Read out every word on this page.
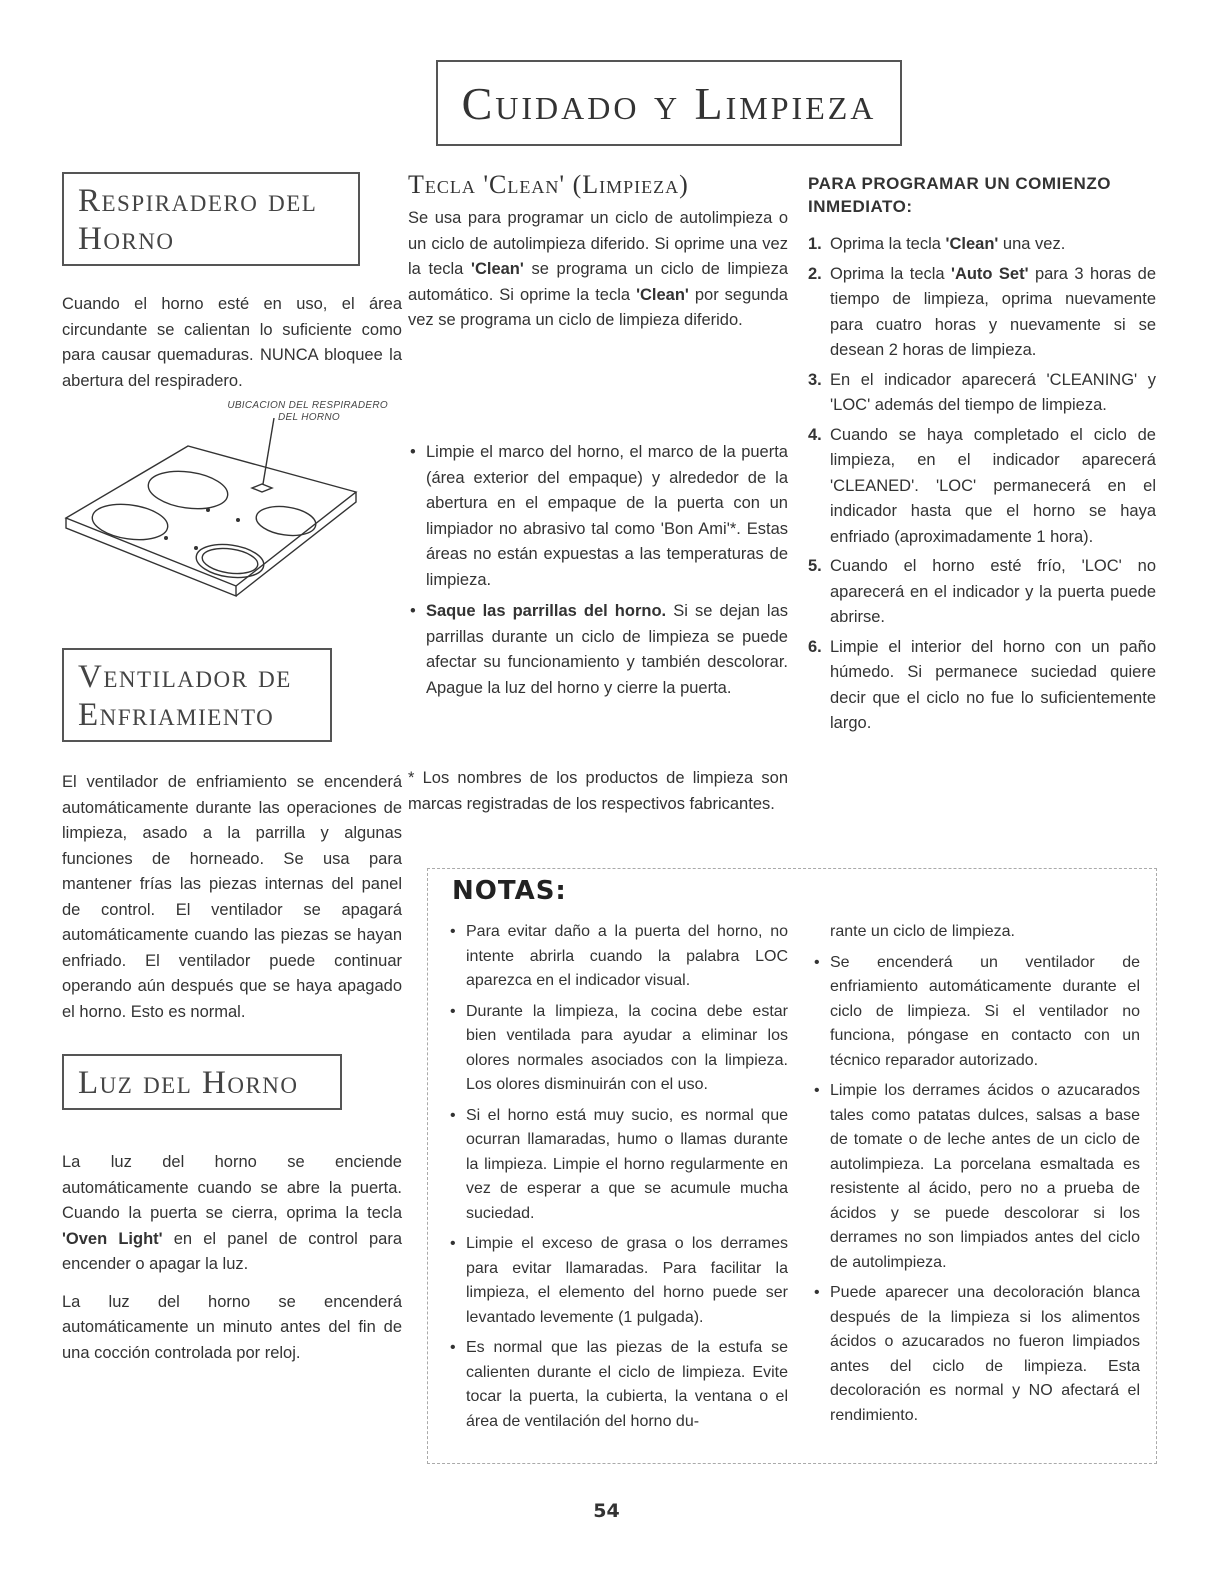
Cuidado y Limpieza
Respiradero del Horno
Cuando el horno esté en uso, el área circundante se calientan lo suficiente como para causar quemaduras. NUNCA bloquee la abertura del respiradero.
UBICACION DEL RESPIRADERO
DEL HORNO
Ventilador de Enfriamiento
El ventilador de enfriamiento se encenderá automáticamente durante las operaciones de limpieza, asado a la parrilla y algunas funciones de horneado. Se usa para mantener frías las piezas internas del panel de control. El ventilador se apagará automáticamente cuando las piezas se hayan enfriado. El ventilador puede continuar operando aún después que se haya apagado el horno. Esto es normal.
Luz del Horno

La luz del horno se enciende automáticamente cuando se abre la puerta. Cuando la puerta se cierra, oprima la tecla 'Oven Light' en el panel de control para encender o apagar la luz.

La luz del horno se encenderá automáticamente un minuto antes del fin de una cocción controlada por reloj.

Tecla 'Clean' (Limpieza)
Se usa para programar un ciclo de autolimpieza o un ciclo de autolimpieza diferido. Si oprime una vez la tecla 'Clean' se programa un ciclo de limpieza automático. Si oprime la tecla 'Clean' por segunda vez se programa un ciclo de limpieza diferido.
• Limpie el marco del horno, el marco de la puerta (área exterior del empaque) y alrededor de la abertura en el empaque de la puerta con un limpiador no abrasivo tal como 'Bon Ami'*. Estas áreas no están expuestas a las temperaturas de limpieza.
• Saque las parrillas del horno. Si se dejan las parrillas durante un ciclo de limpieza se puede afectar su funcionamiento y también descolorar. Apague la luz del horno y cierre la puerta.
* Los nombres de los productos de limpieza son marcas registradas de los respectivos fabricantes.
PARA PROGRAMAR UN COMIENZO INMEDIATO:
1. Oprima la tecla 'Clean' una vez.
2. Oprima la tecla 'Auto Set' para 3 horas de tiempo de limpieza, oprima nuevamente para cuatro horas y nuevamente si se desean 2 horas de limpieza.
3. En el indicador aparecerá 'CLEANING' y 'LOC' además del tiempo de limpieza.
4. Cuando se haya completado el ciclo de limpieza, en el indicador aparecerá 'CLEANED'. 'LOC' permanecerá en el indicador hasta que el horno se haya enfriado (aproximadamente 1 hora).
5. Cuando el horno esté frío, 'LOC' no aparecerá en el indicador y la puerta puede abrirse.
6. Limpie el interior del horno con un paño húmedo. Si permanece suciedad quiere decir que el ciclo no fue lo suficientemente largo.
NOTAS:
• Para evitar daño a la puerta del horno, no intente abrirla cuando la palabra LOC aparezca en el indicador visual.
• Durante la limpieza, la cocina debe estar bien ventilada para ayudar a eliminar los olores normales asociados con la limpieza. Los olores disminuirán con el uso.
• Si el horno está muy sucio, es normal que ocurran llamaradas, humo o llamas durante la limpieza. Limpie el horno regularmente en vez de esperar a que se acumule mucha suciedad.
• Limpie el exceso de grasa o los derrames para evitar llamaradas. Para facilitar la limpieza, el elemento del horno puede ser levantado levemente (1 pulgada).
• Es normal que las piezas de la estufa se calienten durante el ciclo de limpieza. Evite tocar la puerta, la cubierta, la ventana o el área de ventilación del horno du-
rante un ciclo de limpieza.
• Se encenderá un ventilador de enfriamiento automáticamente durante el ciclo de limpieza. Si el ventilador no funciona, póngase en contacto con un técnico reparador autorizado.
• Limpie los derrames ácidos o azucarados tales como patatas dulces, salsas a base de tomate o de leche antes de un ciclo de autolimpieza. La porcelana esmaltada es resistente al ácido, pero no a prueba de ácidos y se puede descolorar si los derrames no son limpiados antes del ciclo de autolimpieza.
• Puede aparecer una decoloración blanca después de la limpieza si los alimentos ácidos o azucarados no fueron limpiados antes del ciclo de limpieza. Esta decoloración es normal y NO afectará el rendimiento.
54
